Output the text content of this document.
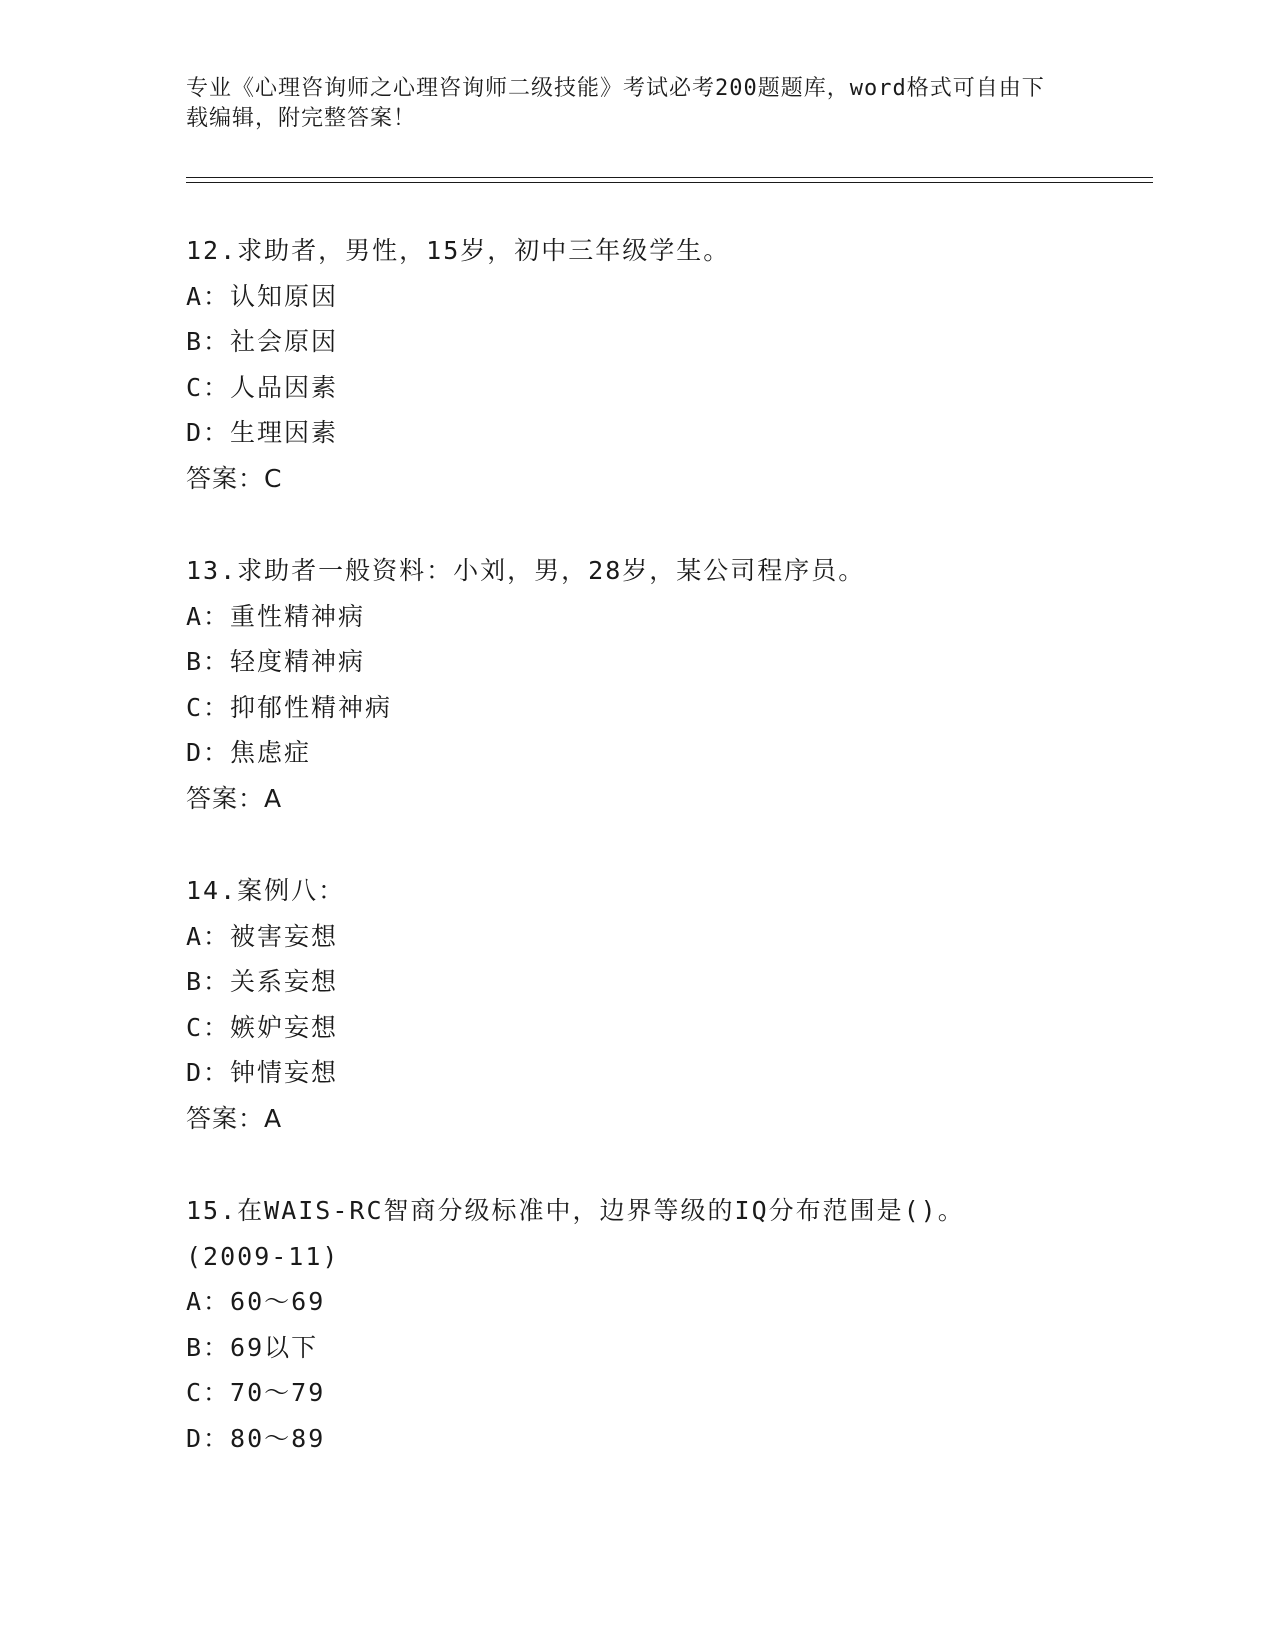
专业《心理咨询师之心理咨询师二级技能》考试必考200题题库，word格式可自由下载编辑，附完整答案！
12.求助者，男性，15岁，初中三年级学生。
A：认知原因
B：社会原因
C：人品因素
D：生理因素
答案：C
13.求助者一般资料：小刘，男，28岁，某公司程序员。
A：重性精神病
B：轻度精神病
C：抑郁性精神病
D：焦虑症
答案：A
14.案例八：
A：被害妄想
B：关系妄想
C：嫉妒妄想
D：钟情妄想
答案：A
15.在WAIS-RC智商分级标准中，边界等级的IQ分布范围是()。
(2009-11)
A：60～69
B：69以下
C：70～79
D：80～89
